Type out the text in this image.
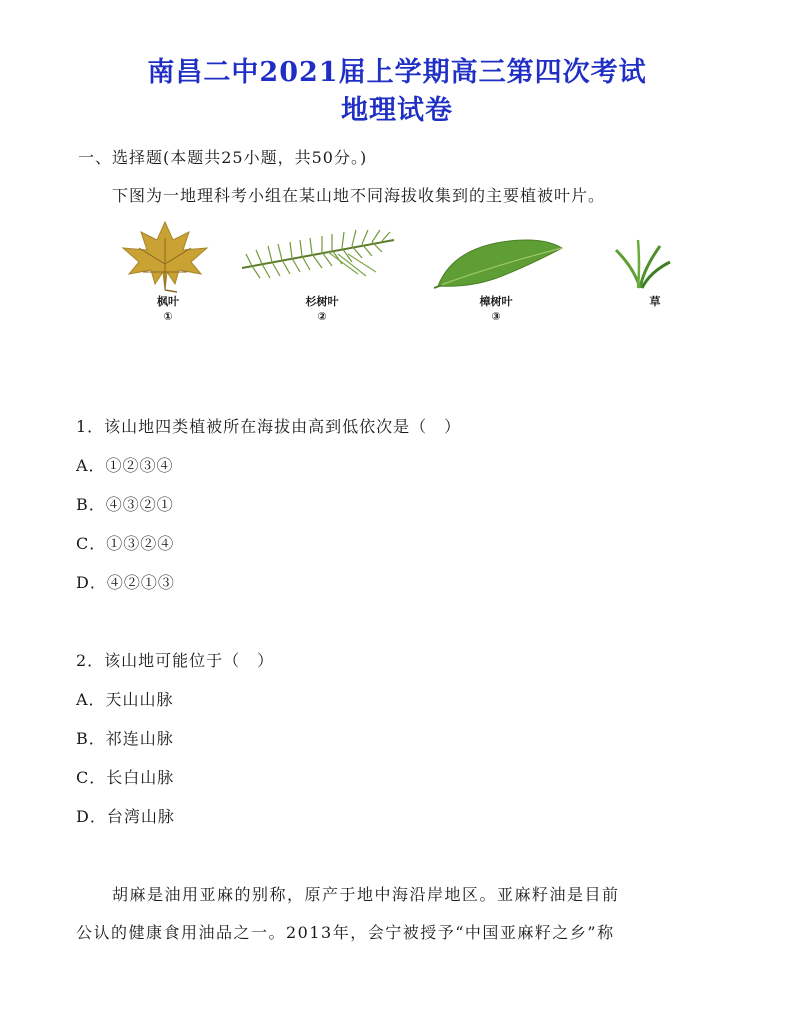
南昌二中2021届上学期高三第四次考试
地理试卷
一、选择题(本题共25小题，共50分。)
下图为一地理科考小组在某山地不同海拔收集到的主要植被叶片。
枫叶
①
杉树叶
②
樟树叶
③
草
1．该山地四类植被所在海拔由高到低依次是（　）
A．①②③④
B．④③②①
C．①③②④
D．④②①③
2．该山地可能位于（　）
A．天山山脉
B．祁连山脉
C．长白山脉
D．台湾山脉
胡麻是油用亚麻的别称，原产于地中海沿岸地区。亚麻籽油是目前
公认的健康食用油品之一。2013年，会宁被授予“中国亚麻籽之乡”称
